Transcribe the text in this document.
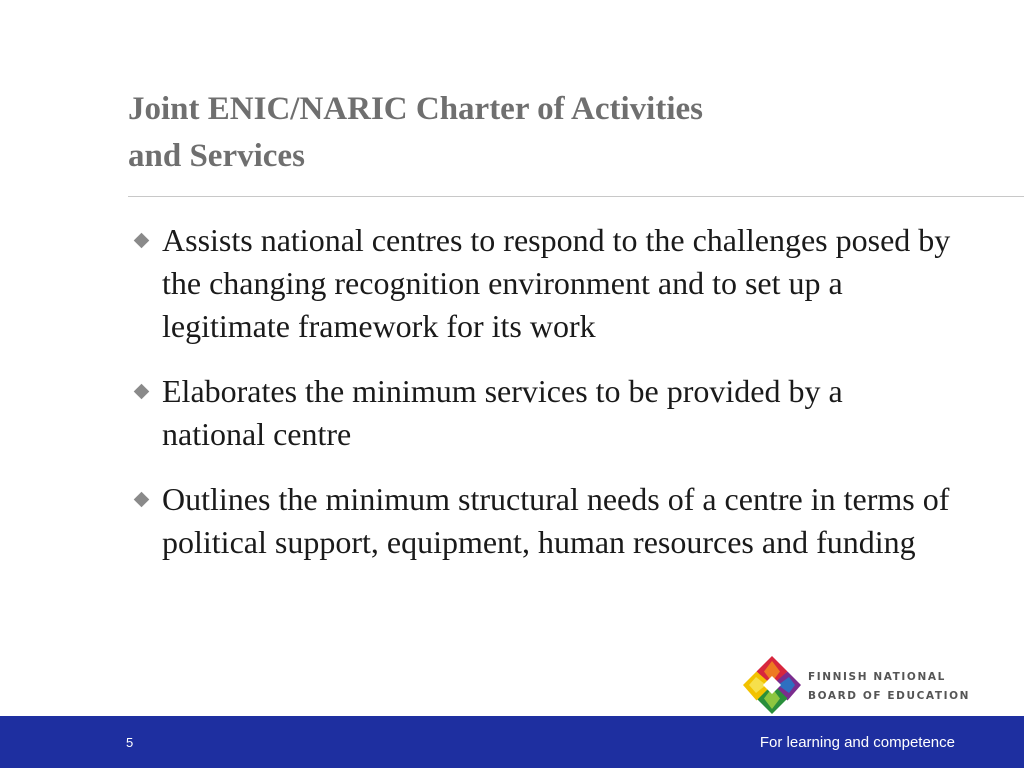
Joint ENIC/NARIC Charter of Activities
and Services
Assists national centres to respond to the challenges posed by the changing recognition environment and to set up a legitimate framework for its work
Elaborates the minimum services to be provided by a national centre
Outlines the minimum structural needs of a centre in terms of political support, equipment, human resources and funding
FINNISH NATIONAL
BOARD OF EDUCATION
5	For learning and competence
